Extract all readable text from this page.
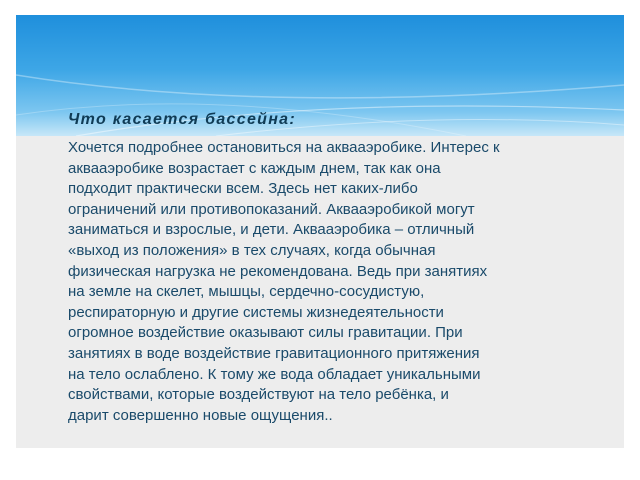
Что касается бассейна:
Хочется подробнее остановиться на аквааэробике. Интерес к
аквааэробике возрастает с каждым днем, так как она
подходит практически всем. Здесь нет каких-либо
ограничений или противопоказаний. Аквааэробикой могут
заниматься и взрослые, и дети. Аквааэробика – отличный
«выход из положения» в тех случаях, когда обычная
физическая нагрузка не рекомендована. Ведь при занятиях
на земле на скелет, мышцы, сердечно-сосудистую,
респираторную и другие системы жизнедеятельности
огромное воздействие оказывают силы гравитации. При
занятиях в воде воздействие гравитационного притяжения
на тело ослаблено. К тому же вода обладает уникальными
свойствами, которые воздействуют на тело ребёнка, и
дарит совершенно новые ощущения..
